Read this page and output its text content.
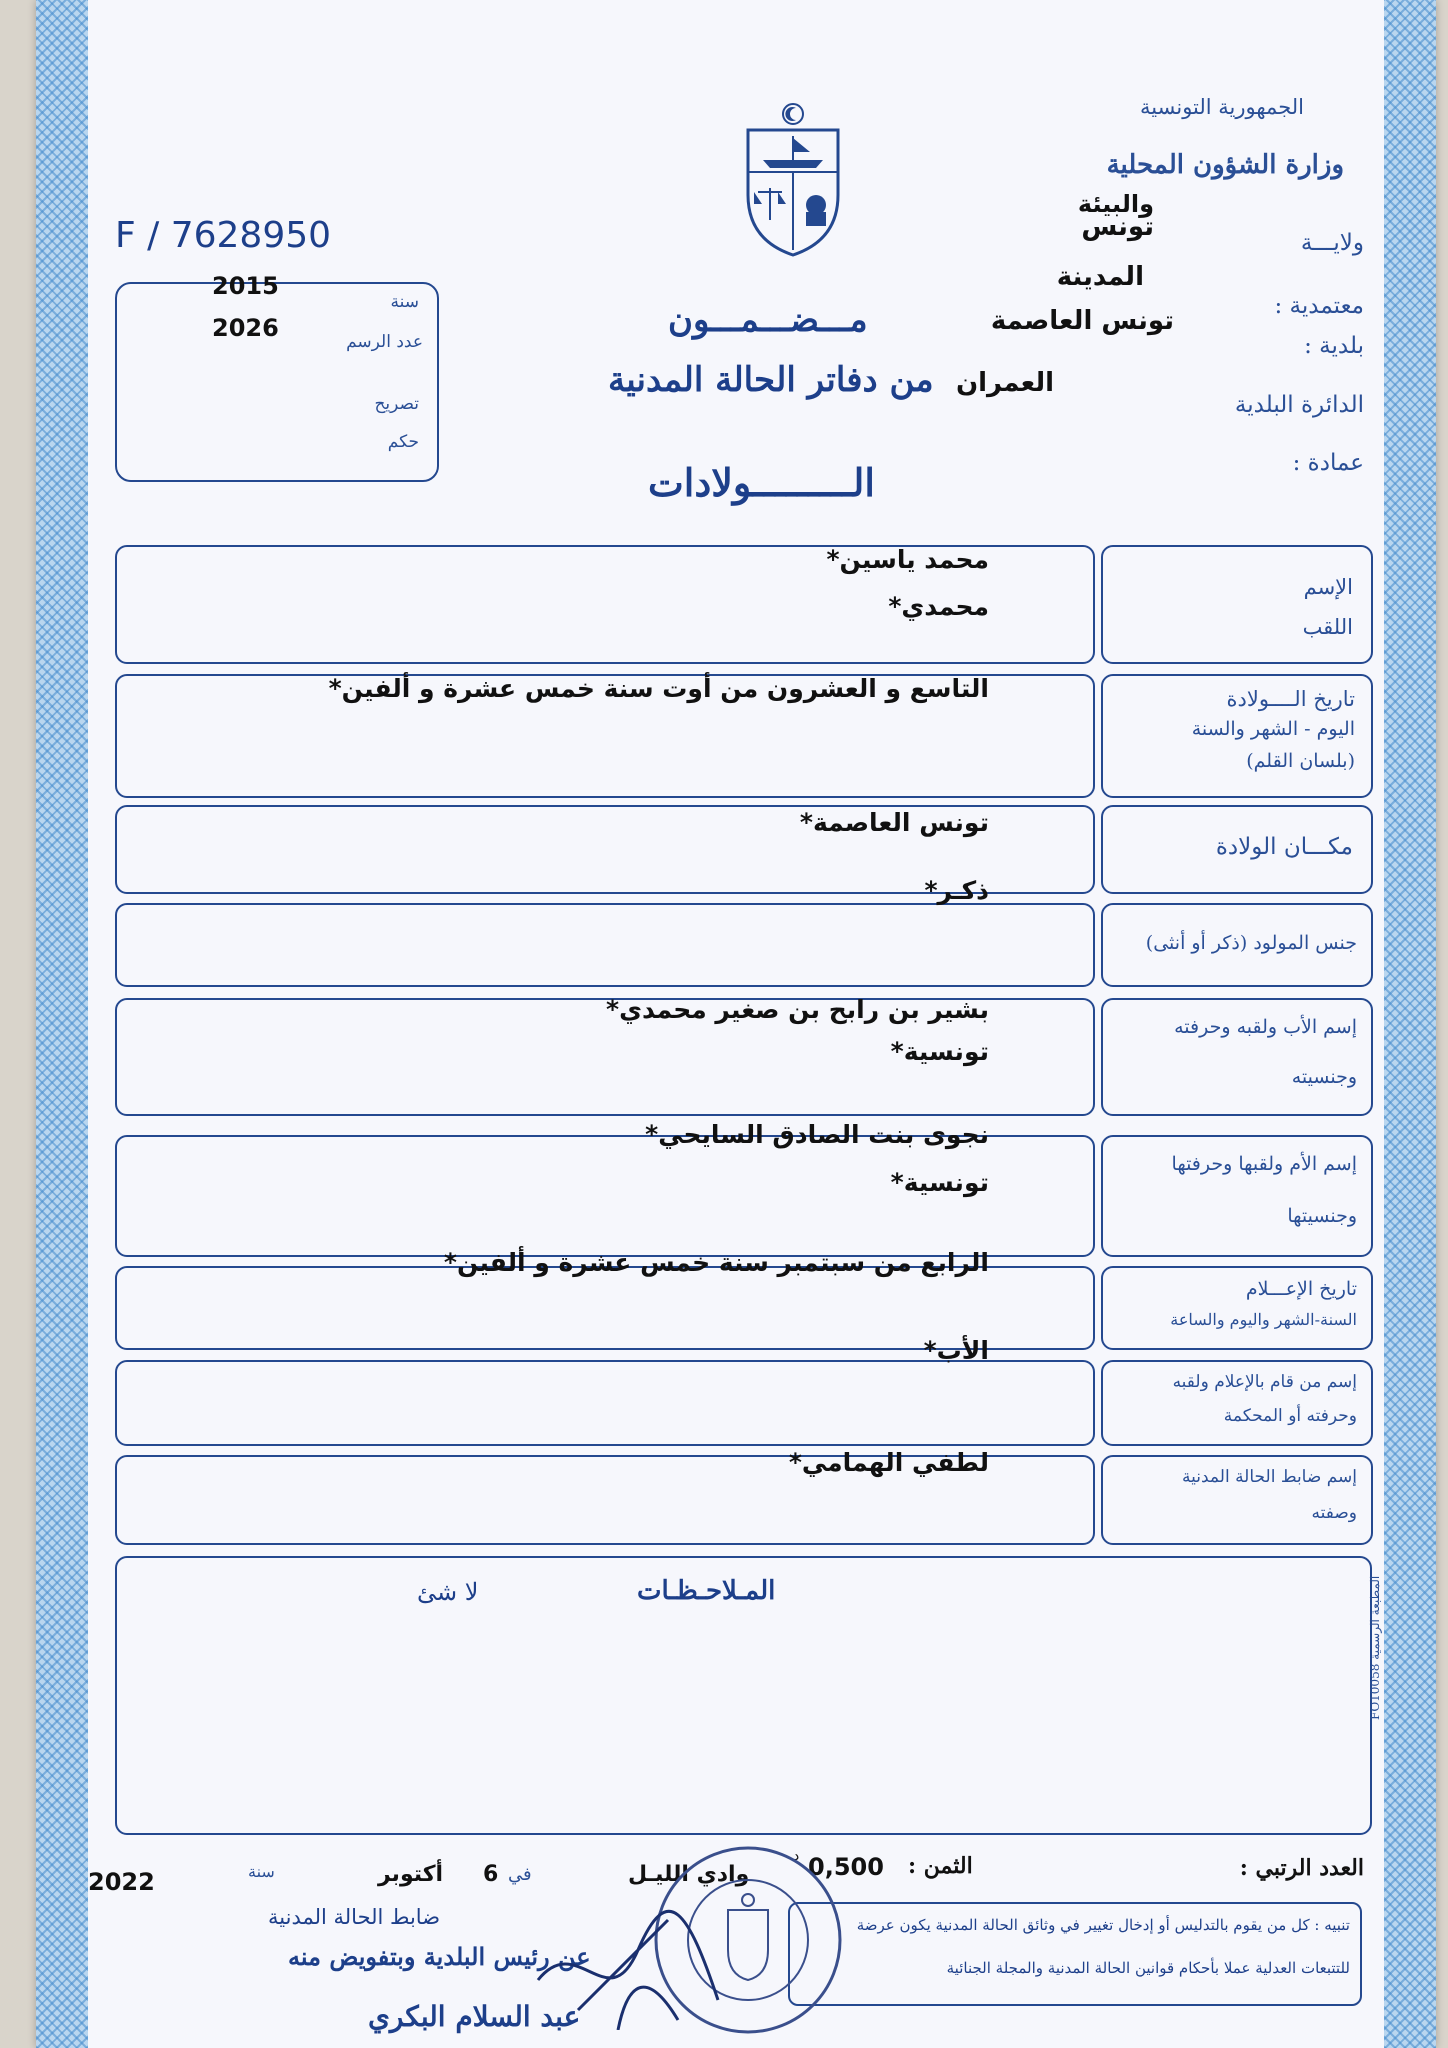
الجمهورية التونسية
وزارة الشؤون المحلية
والبيئة
ولايـــة
تونس
معتمدية :
المدينة
بلدية :
تونس العاصمة
الدائرة البلدية
العمران
عمادة :
مـــضـــمـــون
من دفاتر الحالة المدنية
الـــــــــولادات
F / 7628950
سنة
2015
عدد الرسم
2026
تصريح
حكم
الإسم
اللقب
محمد ياسين*
محمدي*
تاريخ الــــولادة
اليوم - الشهر والسنة
(بلسان القلم)
التاسع و العشرون من أوت سنة خمس عشرة و ألفين*
مكـــان الولادة
تونس العاصمة*
جنس المولود (ذكر أو أنثى)
ذكـر*
إسم الأب ولقبه وحرفته
وجنسيته
بشير بن رابح بن صغير محمدي*
تونسية*
إسم الأم ولقبها وحرفتها
وجنسيتها
نجوى بنت الصادق السايحي*
تونسية*
تاريخ الإعـــلام
السنة-الشهر واليوم والساعة
الرابع من سبتمبر سنة خمس عشرة و ألفين*
إسم من قام بالإعلام ولقبه
وحرفته أو المحكمة
الأب*
إسم ضابط الحالة المدنية
وصفته
لطفي الهمامي*
المـلاحـظـات
لا شئ
المطبعة الرسمية FO10058
العدد الرتبي :
الثمن :
0,500
د
وادي الليـل
في
6
أكتوبر
سنة
2022
ضابط الحالة المدنية
عن رئيس البلدية وبتفويض منه
عبد السلام البكري
تنبيه : كل من يقوم بالتدليس أو إدخال تغيير في وثائق الحالة المدنية يكون عرضة
للتتبعات العدلية عملا بأحكام قوانين الحالة المدنية والمجلة الجنائية
